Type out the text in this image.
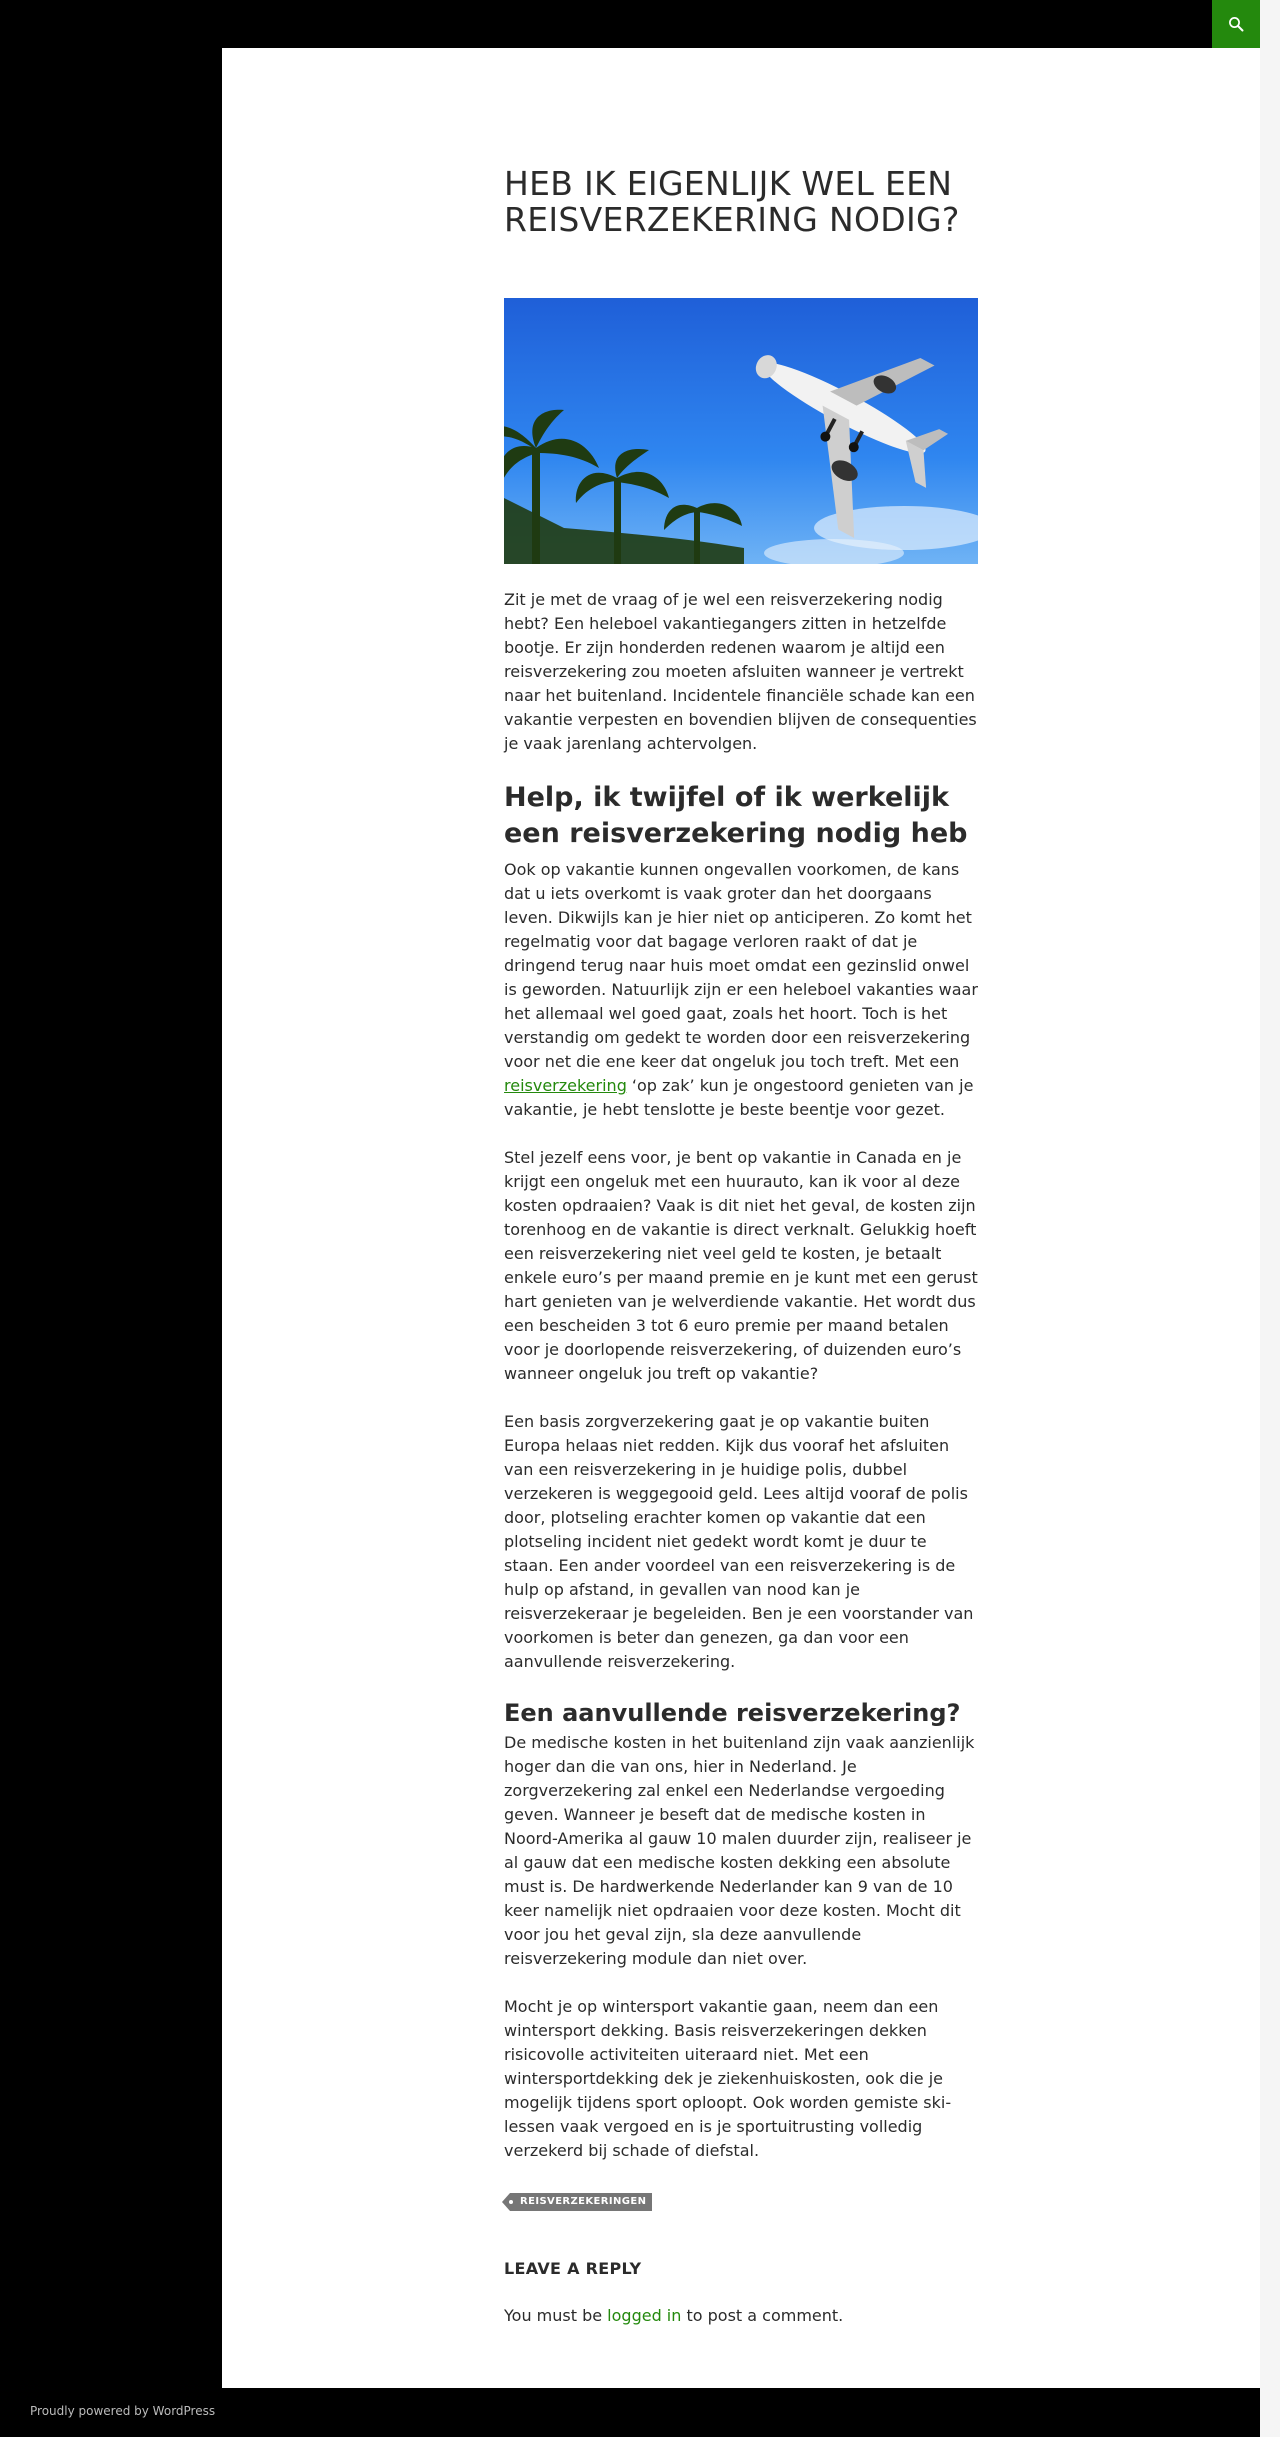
HEB IK EIGENLIJK WEL EEN REISVERZEKERING NODIG?

Zit je met de vraag of je wel een reisverzekering nodig hebt? Een heleboel vakantiegangers zitten in hetzelfde bootje. Er zijn honderden redenen waarom je altijd een reisverzekering zou moeten afsluiten wanneer je vertrekt naar het buitenland. Incidentele financiële schade kan een vakantie verpesten en bovendien blijven de consequenties je vaak jarenlang achtervolgen.

Help, ik twijfel of ik werkelijk een reisverzekering nodig heb

Ook op vakantie kunnen ongevallen voorkomen, de kans dat u iets overkomt is vaak groter dan het doorgaans leven. Dikwijls kan je hier niet op anticiperen. Zo komt het regelmatig voor dat bagage verloren raakt of dat je dringend terug naar huis moet omdat een gezinslid onwel is geworden. Natuurlijk zijn er een heleboel vakanties waar het allemaal wel goed gaat, zoals het hoort. Toch is het verstandig om gedekt te worden door een reisverzekering voor net die ene keer dat ongeluk jou toch treft. Met een reisverzekering ‘op zak’ kun je ongestoord genieten van je vakantie, je hebt tenslotte je beste beentje voor gezet.

Stel jezelf eens voor, je bent op vakantie in Canada en je krijgt een ongeluk met een huurauto, kan ik voor al deze kosten opdraaien? Vaak is dit niet het geval, de kosten zijn torenhoog en de vakantie is direct verknalt. Gelukkig hoeft een reisverzekering niet veel geld te kosten, je betaalt enkele euro’s per maand premie en je kunt met een gerust hart genieten van je welverdiende vakantie. Het wordt dus een bescheiden 3 tot 6 euro premie per maand betalen voor je doorlopende reisverzekering, of duizenden euro’s wanneer ongeluk jou treft op vakantie?

Een basis zorgverzekering gaat je op vakantie buiten Europa helaas niet redden. Kijk dus vooraf het afsluiten van een reisverzekering in je huidige polis, dubbel verzekeren is weggegooid geld. Lees altijd vooraf de polis door, plotseling erachter komen op vakantie dat een plotseling incident niet gedekt wordt komt je duur te staan. Een ander voordeel van een reisverzekering is de hulp op afstand, in gevallen van nood kan je reisverzekeraar je begeleiden. Ben je een voorstander van voorkomen is beter dan genezen, ga dan voor een aanvullende reisverzekering.

Een aanvullende reisverzekering?

De medische kosten in het buitenland zijn vaak aanzienlijk hoger dan die van ons, hier in Nederland. Je zorgverzekering zal enkel een Nederlandse vergoeding geven. Wanneer je beseft dat de medische kosten in Noord-Amerika al gauw 10 malen duurder zijn, realiseer je al gauw dat een medische kosten dekking een absolute must is. De hardwerkende Nederlander kan 9 van de 10 keer namelijk niet opdraaien voor deze kosten. Mocht dit voor jou het geval zijn, sla deze aanvullende reisverzekering module dan niet over.

Mocht je op wintersport vakantie gaan, neem dan een wintersport dekking. Basis reisverzekeringen dekken risicovolle activiteiten uiteraard niet. Met een wintersportdekking dek je ziekenhuiskosten, ook die je mogelijk tijdens sport oploopt. Ook worden gemiste ski-lessen vaak vergoed en is je sportuitrusting volledig verzekerd bij schade of diefstal.

REISVERZEKERINGEN
LEAVE A REPLY

You must be logged in to post a comment.

Proudly powered by WordPress
